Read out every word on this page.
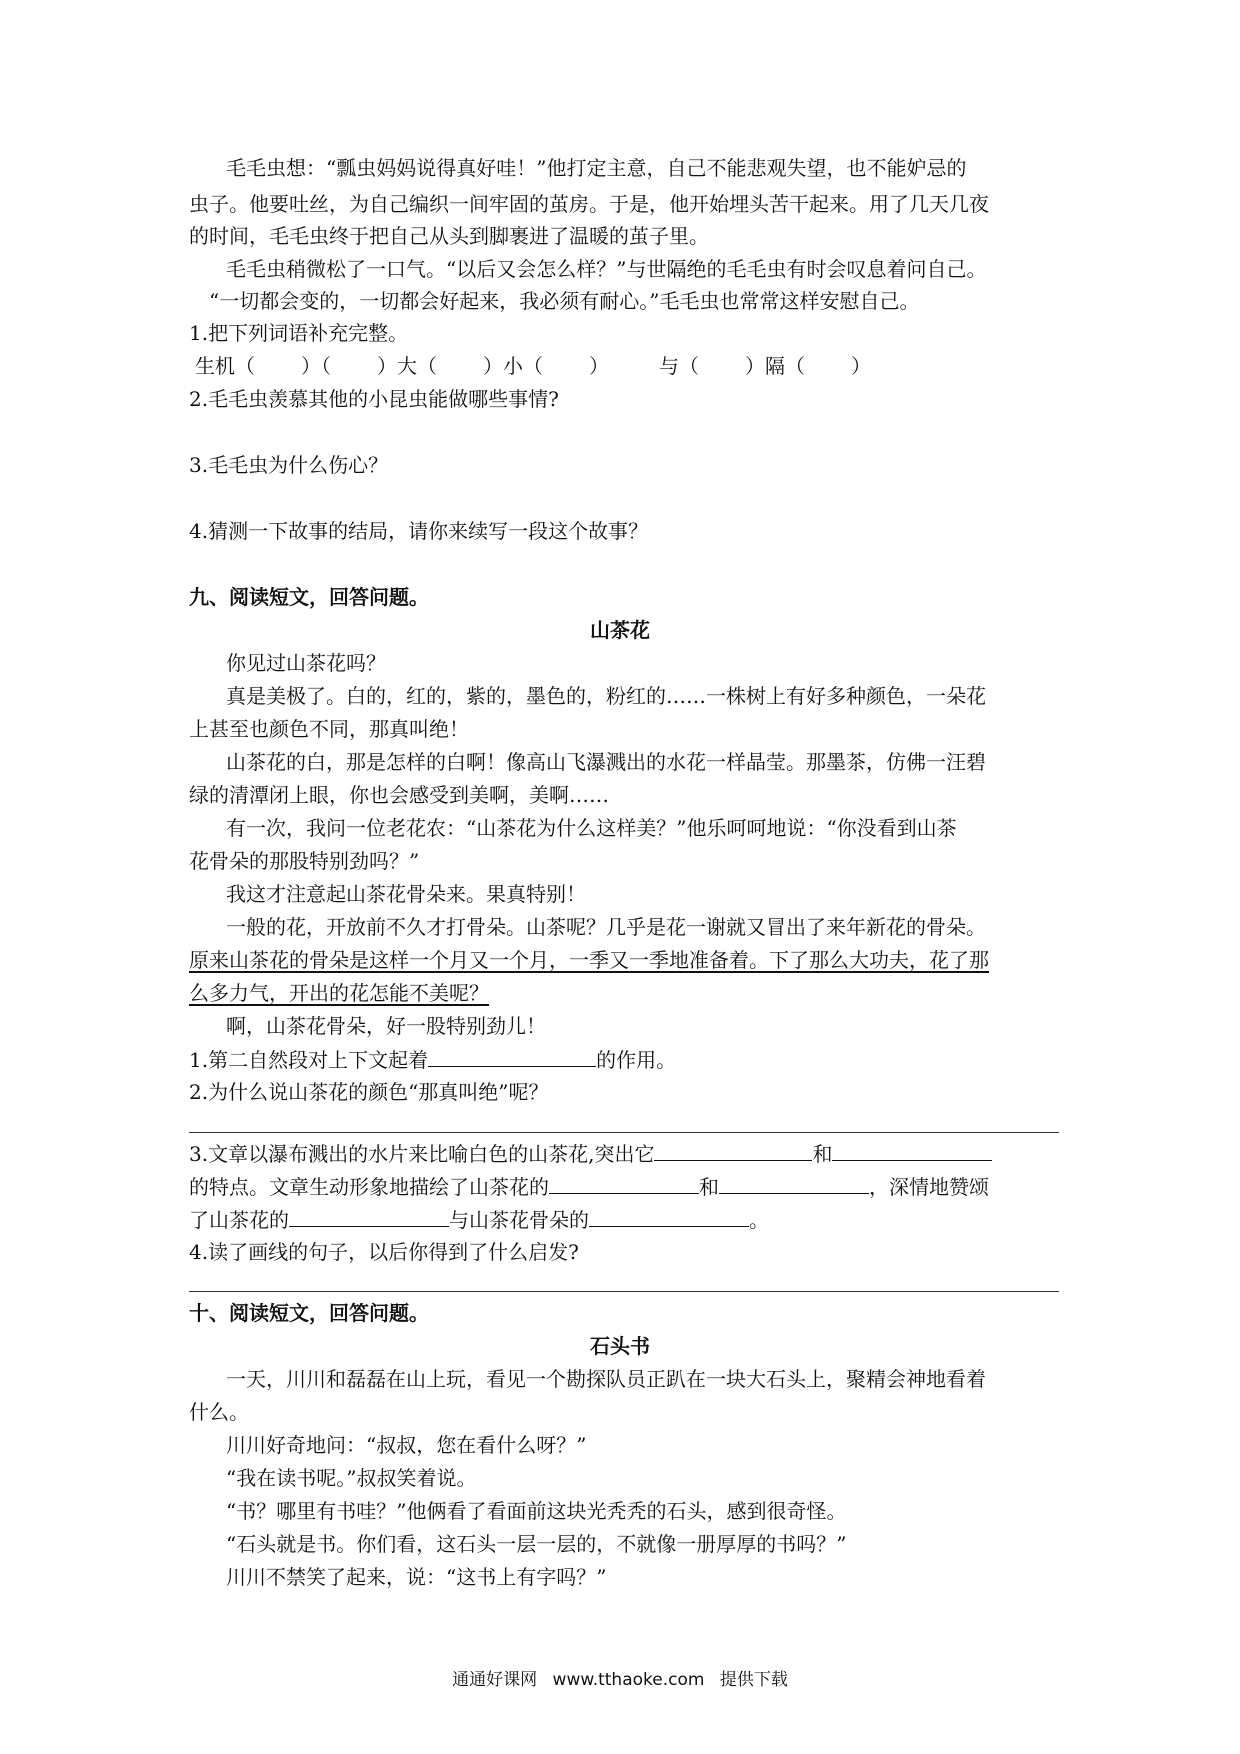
毛毛虫想：“瓢虫妈妈说得真好哇！”他打定主意，自己不能悲观失望，也不能妒忌的
虫子。他要吐丝，为自己编织一间牢固的茧房。于是，他开始埋头苦干起来。用了几天几夜
的时间，毛毛虫终于把自己从头到脚裹进了温暖的茧子里。
毛毛虫稍微松了一口气。“以后又会怎么样？”与世隔绝的毛毛虫有时会叹息着问自己。
“一切都会变的，一切都会好起来，我必须有耐心。”毛毛虫也常常这样安慰自己。
1.把下列词语补充完整。
生机（ ）（ ）大（ ）小（ ）	与（ ）隔（ ）
2.毛毛虫羡慕其他的小昆虫能做哪些事情?
3.毛毛虫为什么伤心？
4.猜测一下故事的结局，请你来续写一段这个故事？
九、阅读短文，回答问题。
山茶花
你见过山茶花吗？
真是美极了。白的，红的，紫的，墨色的，粉红的……一株树上有好多种颜色，一朵花
上甚至也颜色不同，那真叫绝！
山茶花的白，那是怎样的白啊！像高山飞瀑溅出的水花一样晶莹。那墨茶，仿佛一汪碧
绿的清潭闭上眼，你也会感受到美啊，美啊……
有一次，我问一位老花农：“山茶花为什么这样美？”他乐呵呵地说：“你没看到山茶
花骨朵的那股特别劲吗？”
我这才注意起山茶花骨朵来。果真特别！
一般的花，开放前不久才打骨朵。山茶呢？几乎是花一谢就又冒出了来年新花的骨朵。
原来山茶花的骨朵是这样一个月又一个月，一季又一季地准备着。下了那么大功夫，花了那
么多力气，开出的花怎能不美呢？
啊，山茶花骨朵，好一股特别劲儿！
1.第二自然段对上下文起着	的作用。
2.为什么说山茶花的颜色“那真叫绝”呢？
3.文章以瀑布溅出的水片来比喻白色的山茶花,突出它	和
的特点。文章生动形象地描绘了山茶花的	和	，深情地赞颂
了山茶花的	与山茶花骨朵的	。
4.读了画线的句子，以后你得到了什么启发?
十、阅读短文，回答问题。
石头书
一天，川川和磊磊在山上玩，看见一个勘探队员正趴在一块大石头上，聚精会神地看着
什么。
川川好奇地问：“叔叔，您在看什么呀？”
“我在读书呢。”叔叔笑着说。
“书？哪里有书哇？”他俩看了看面前这块光秃秃的石头，感到很奇怪。
“石头就是书。你们看，这石头一层一层的，不就像一册厚厚的书吗？”
川川不禁笑了起来，说：“这书上有字吗？”
通通好课网 www.tthaoke.com 提供下载
